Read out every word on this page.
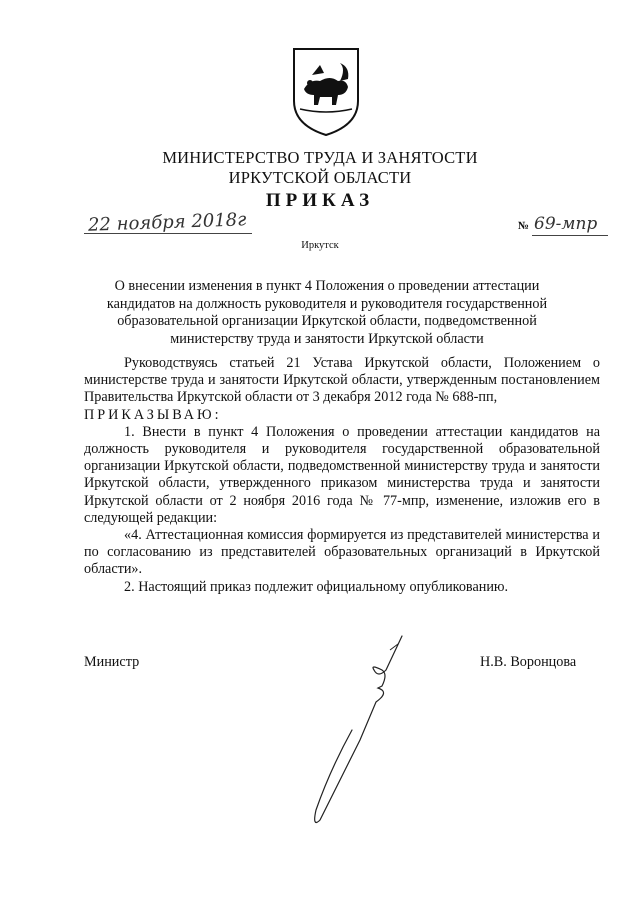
МИНИСТЕРСТВО ТРУДА И ЗАНЯТОСТИ
ИРКУТСКОЙ ОБЛАСТИ
ПРИКАЗ
22 ноября 2018г	№ 69-мпр
Иркутск
О внесении изменения в пункт 4 Положения о проведении аттестации
кандидатов на должность руководителя и руководителя государственной
образовательной организации Иркутской области, подведомственной
министерству труда и занятости Иркутской области

Руководствуясь статьей 21 Устава Иркутской области, Положением о министерстве труда и занятости Иркутской области, утвержденным постановлением Правительства Иркутской области от 3 декабря 2012 года № 688-пп,

ПРИКАЗЫВАЮ:

1. Внести в пункт 4 Положения о проведении аттестации кандидатов на должность руководителя и руководителя государственной образовательной организации Иркутской области, подведомственной министерству труда и занятости Иркутской области, утвержденного приказом министерства труда и занятости Иркутской области от 2 ноября 2016 года № 77-мпр, изменение, изложив его в следующей редакции:

«4. Аттестационная комиссия формируется из представителей министерства и по согласованию из представителей образовательных организаций в Иркутской области».

2. Настоящий приказ подлежит официальному опубликованию.

Министр	Н.В. Воронцова
